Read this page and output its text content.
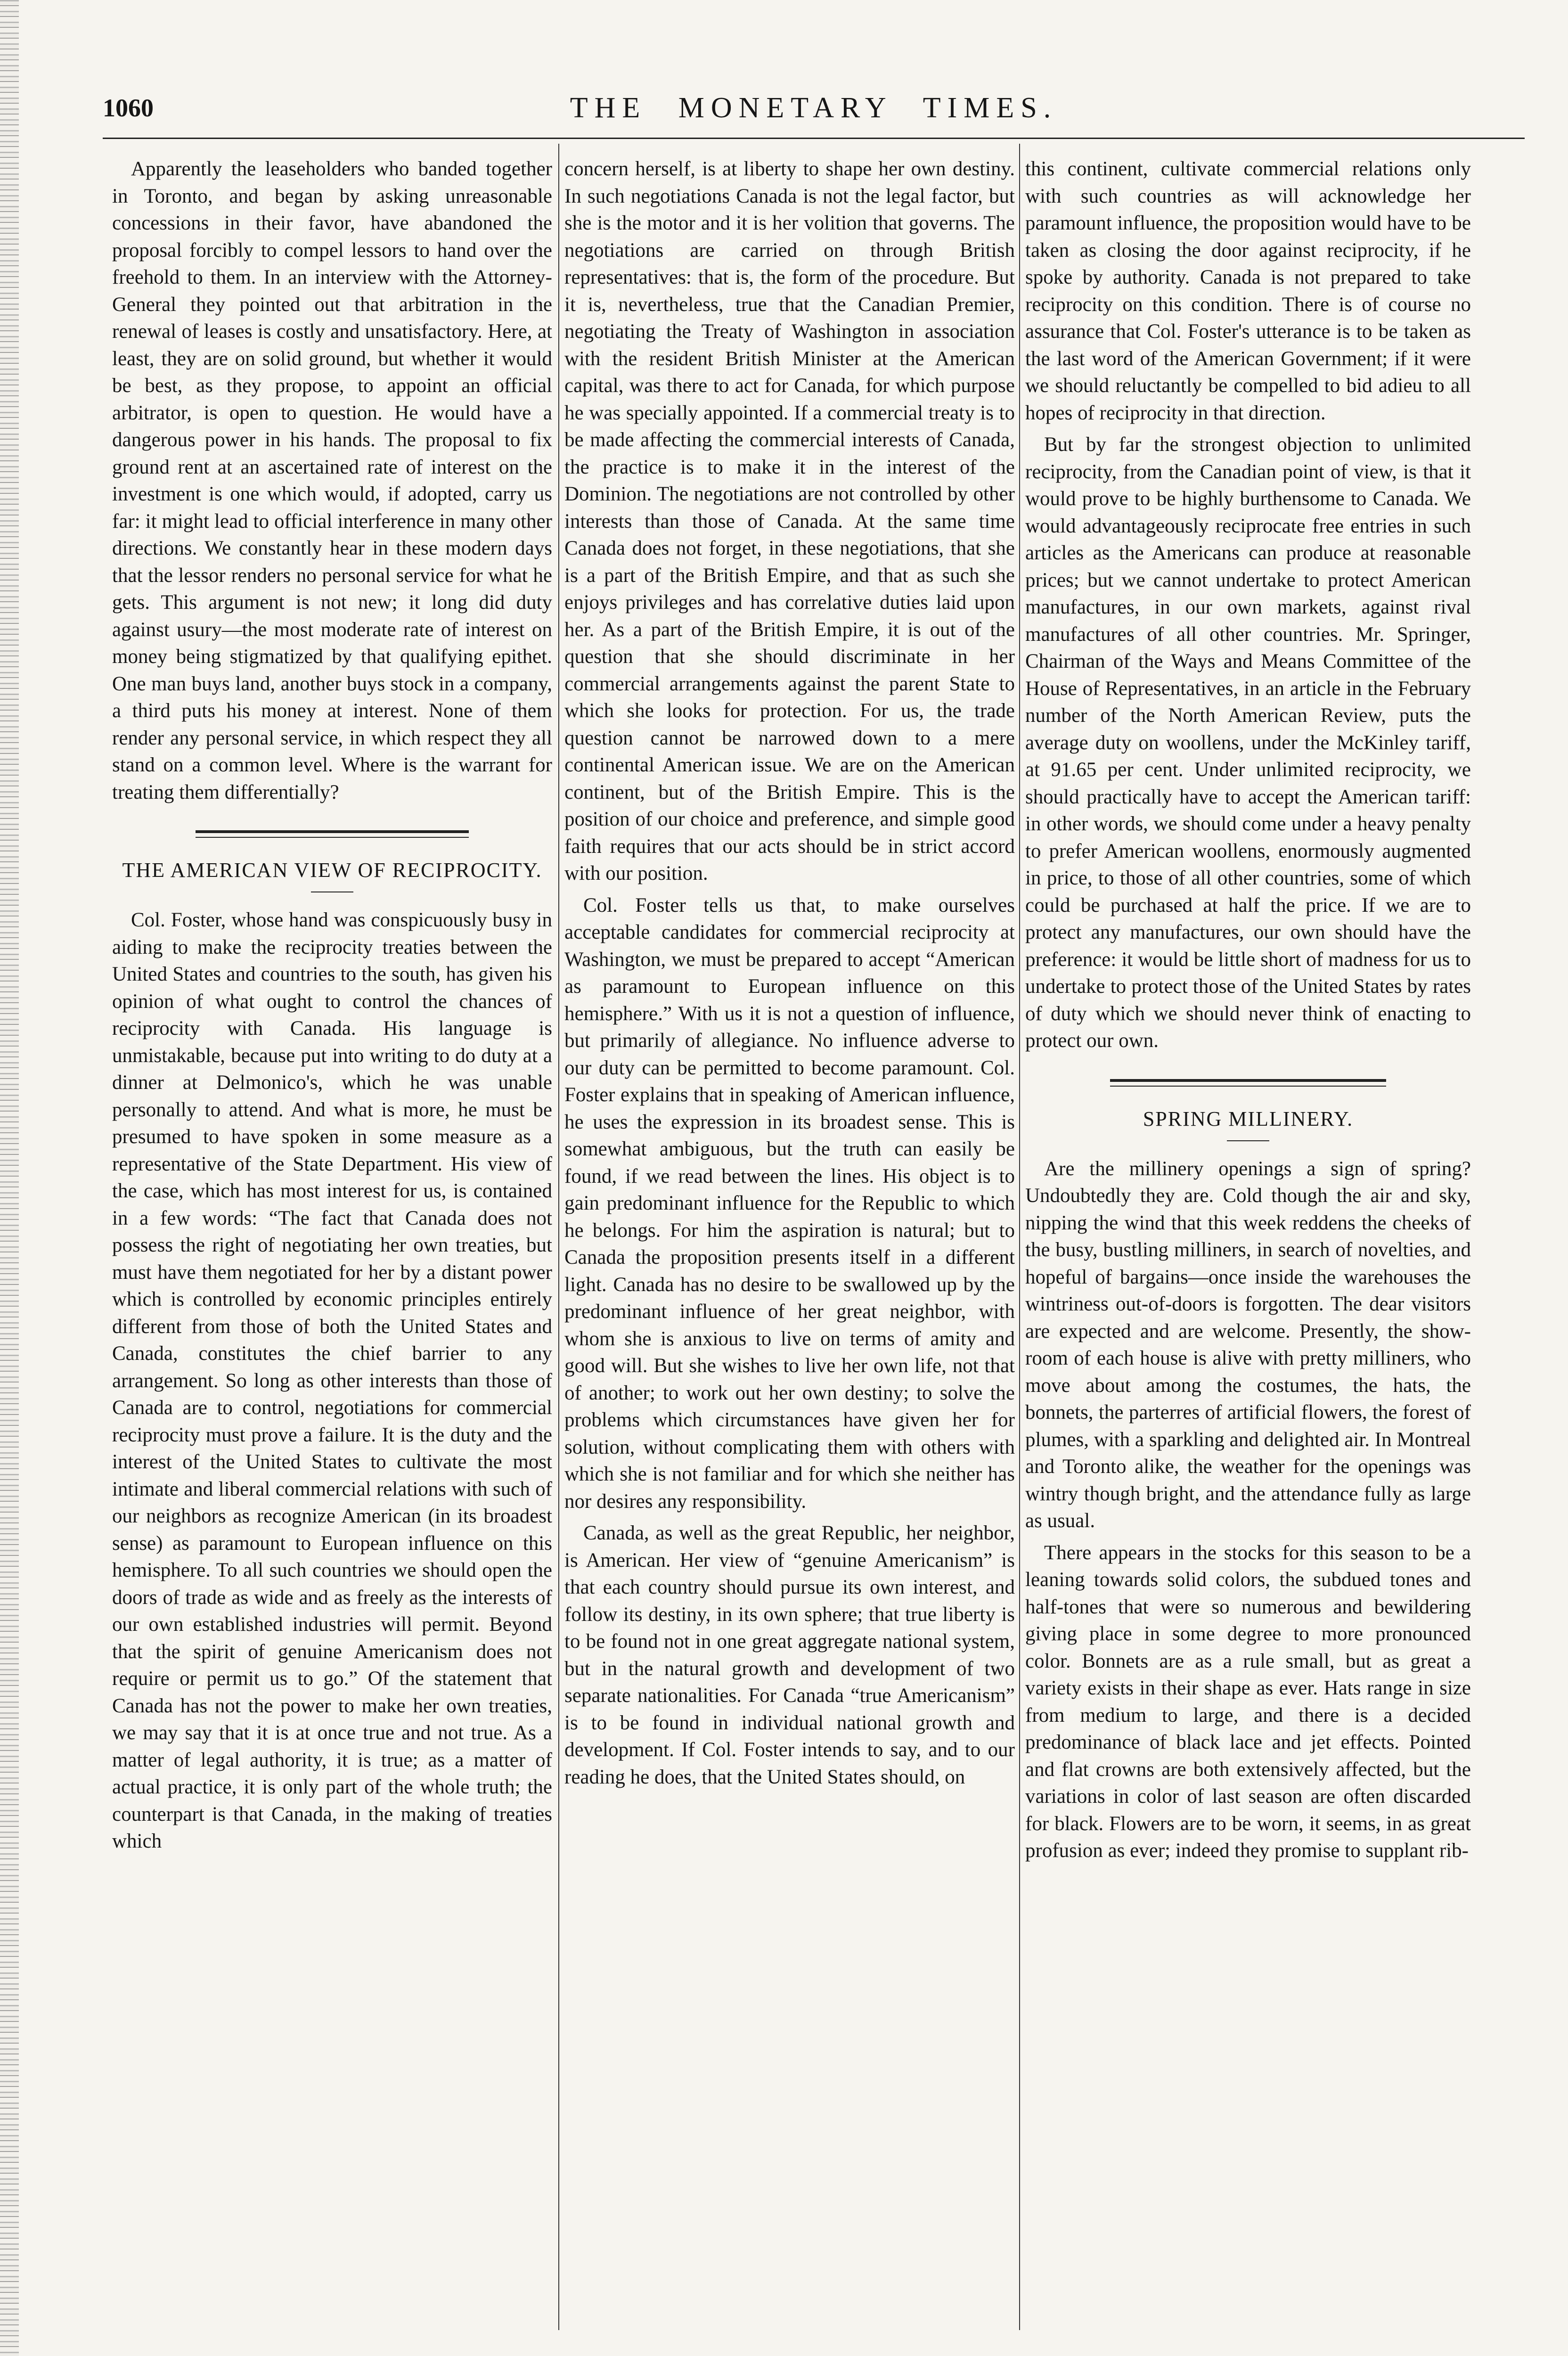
1060	THE MONETARY TIMES.

Apparently the leaseholders who banded together in Toronto, and began by asking unreasonable concessions in their favor, have abandoned the proposal forcibly to compel lessors to hand over the freehold to them. In an interview with the Attorney-General they pointed out that arbitration in the renewal of leases is costly and unsatisfactory. Here, at least, they are on solid ground, but whether it would be best, as they propose, to appoint an official arbitrator, is open to question. He would have a dangerous power in his hands. The proposal to fix ground rent at an ascertained rate of interest on the investment is one which would, if adopted, carry us far: it might lead to official interference in many other directions. We constantly hear in these modern days that the lessor renders no personal service for what he gets. This argument is not new; it long did duty against usury—the most moderate rate of interest on money being stigmatized by that qualifying epithet. One man buys land, another buys stock in a company, a third puts his money at interest. None of them render any personal service, in which respect they all stand on a common level. Where is the warrant for treating them differentially?

THE AMERICAN VIEW OF RECIPROCITY.

Col. Foster, whose hand was conspicuously busy in aiding to make the reciprocity treaties between the United States and countries to the south, has given his opinion of what ought to control the chances of reciprocity with Canada. His language is unmistakable, because put into writing to do duty at a dinner at Delmonico's, which he was unable personally to attend. And what is more, he must be presumed to have spoken in some measure as a representative of the State Department. His view of the case, which has most interest for us, is contained in a few words: “The fact that Canada does not possess the right of negotiating her own treaties, but must have them negotiated for her by a distant power which is controlled by economic principles entirely different from those of both the United States and Canada, constitutes the chief barrier to any arrangement. So long as other interests than those of Canada are to control, negotiations for commercial reciprocity must prove a failure. It is the duty and the interest of the United States to cultivate the most intimate and liberal commercial relations with such of our neighbors as recognize American (in its broadest sense) as paramount to European influence on this hemisphere. To all such countries we should open the doors of trade as wide and as freely as the interests of our own established industries will permit. Beyond that the spirit of genuine Americanism does not require or permit us to go.” Of the statement that Canada has not the power to make her own treaties, we may say that it is at once true and not true. As a matter of legal authority, it is true; as a matter of actual practice, it is only part of the whole truth; the counterpart is that Canada, in the making of treaties which

concern herself, is at liberty to shape her own destiny. In such negotiations Canada is not the legal factor, but she is the motor and it is her volition that governs. The negotiations are carried on through British representatives: that is, the form of the procedure. But it is, nevertheless, true that the Canadian Premier, negotiating the Treaty of Washington in association with the resident British Minister at the American capital, was there to act for Canada, for which purpose he was specially appointed. If a commercial treaty is to be made affecting the commercial interests of Canada, the practice is to make it in the interest of the Dominion. The negotiations are not controlled by other interests than those of Canada. At the same time Canada does not forget, in these negotiations, that she is a part of the British Empire, and that as such she enjoys privileges and has correlative duties laid upon her. As a part of the British Empire, it is out of the question that she should discriminate in her commercial arrangements against the parent State to which she looks for protection. For us, the trade question cannot be narrowed down to a mere continental American issue. We are on the American continent, but of the British Empire. This is the position of our choice and preference, and simple good faith requires that our acts should be in strict accord with our position.

Col. Foster tells us that, to make ourselves acceptable candidates for commercial reciprocity at Washington, we must be prepared to accept “American as paramount to European influence on this hemisphere.” With us it is not a question of influence, but primarily of allegiance. No influence adverse to our duty can be permitted to become paramount. Col. Foster explains that in speaking of American influence, he uses the expression in its broadest sense. This is somewhat ambiguous, but the truth can easily be found, if we read between the lines. His object is to gain predominant influence for the Republic to which he belongs. For him the aspiration is natural; but to Canada the proposition presents itself in a different light. Canada has no desire to be swallowed up by the predominant influence of her great neighbor, with whom she is anxious to live on terms of amity and good will. But she wishes to live her own life, not that of another; to work out her own destiny; to solve the problems which circumstances have given her for solution, without complicating them with others with which she is not familiar and for which she neither has nor desires any responsibility.

Canada, as well as the great Republic, her neighbor, is American. Her view of “genuine Americanism” is that each country should pursue its own interest, and follow its destiny, in its own sphere; that true liberty is to be found not in one great aggregate national system, but in the natural growth and development of two separate nationalities. For Canada “true Americanism” is to be found in individual national growth and development. If Col. Foster intends to say, and to our reading he does, that the United States should, on

this continent, cultivate commercial relations only with such countries as will acknowledge her paramount influence, the proposition would have to be taken as closing the door against reciprocity, if he spoke by authority. Canada is not prepared to take reciprocity on this condition. There is of course no assurance that Col. Foster's utterance is to be taken as the last word of the American Government; if it were we should reluctantly be compelled to bid adieu to all hopes of reciprocity in that direction.

But by far the strongest objection to unlimited reciprocity, from the Canadian point of view, is that it would prove to be highly burthensome to Canada. We would advantageously reciprocate free entries in such articles as the Americans can produce at reasonable prices; but we cannot undertake to protect American manufactures, in our own markets, against rival manufactures of all other countries. Mr. Springer, Chairman of the Ways and Means Committee of the House of Representatives, in an article in the February number of the North American Review, puts the average duty on woollens, under the McKinley tariff, at 91.65 per cent. Under unlimited reciprocity, we should practically have to accept the American tariff: in other words, we should come under a heavy penalty to prefer American woollens, enormously augmented in price, to those of all other countries, some of which could be purchased at half the price. If we are to protect any manufactures, our own should have the preference: it would be little short of madness for us to undertake to protect those of the United States by rates of duty which we should never think of enacting to protect our own.

SPRING MILLINERY.

Are the millinery openings a sign of spring? Undoubtedly they are. Cold though the air and sky, nipping the wind that this week reddens the cheeks of the busy, bustling milliners, in search of novelties, and hopeful of bargains—once inside the warehouses the wintriness out-of-doors is forgotten. The dear visitors are expected and are welcome. Presently, the show-room of each house is alive with pretty milliners, who move about among the costumes, the hats, the bonnets, the parterres of artificial flowers, the forest of plumes, with a sparkling and delighted air. In Montreal and Toronto alike, the weather for the openings was wintry though bright, and the attendance fully as large as usual.

There appears in the stocks for this season to be a leaning towards solid colors, the subdued tones and half-tones that were so numerous and bewildering giving place in some degree to more pronounced color. Bonnets are as a rule small, but as great a variety exists in their shape as ever. Hats range in size from medium to large, and there is a decided predominance of black lace and jet effects. Pointed and flat crowns are both extensively affected, but the variations in color of last season are often discarded for black. Flowers are to be worn, it seems, in as great profusion as ever; indeed they promise to supplant rib-
